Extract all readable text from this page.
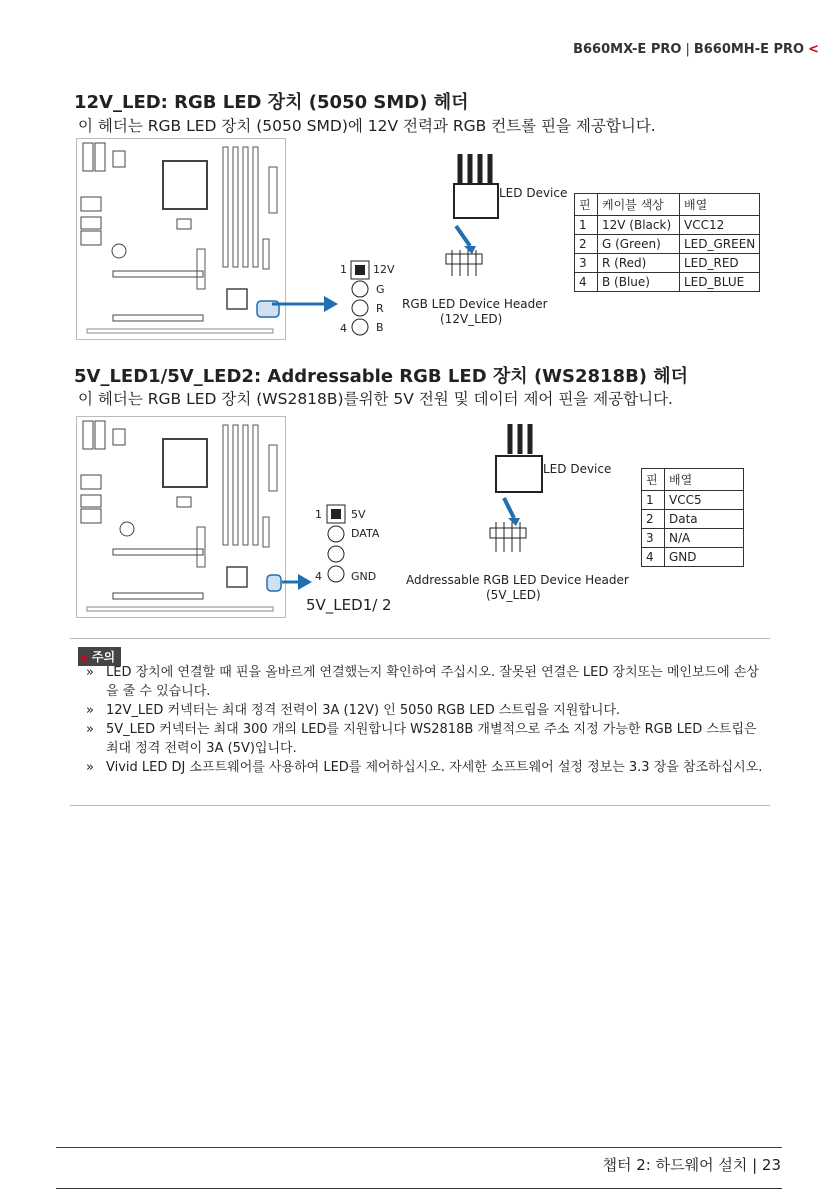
B660MX-E PRO | B660MH-E PRO <
12V_LED: RGB LED 장치 (5050 SMD) 헤더
이 헤더는 RGB LED 장치 (5050 SMD)에 12V 전력과 RGB 컨트롤 핀을 제공합니다.
1
4
12V
G
R
B
LED Device
RGB LED Device Header
(12V_LED)
핀	케이블 색상	배열
1	12V (Black)	VCC12
2	G (Green)	LED_GREEN
3	R (Red)	LED_RED
4	B (Blue)	LED_BLUE
5V_LED1/5V_LED2: Addressable RGB LED 장치 (WS2818B) 헤더
이 헤더는 RGB LED 장치 (WS2818B)를위한 5V 전원 및 데이터 제어 핀을 제공합니다.
1
4
5V
DATA
GND
5V_LED1/ 2
LED Device
Addressable RGB LED Device Header
(5V_LED)
핀	배열
1	VCC5
2	Data
3	N/A
4	GND
▶ 주의
» LED 장치에 연결할 때 핀을 올바르게 연결했는지 확인하여 주십시오. 잘못된 연결은 LED 장치또는 메인보드에 손상을 줄 수 있습니다.
» 12V_LED 커넥터는 최대 정격 전력이 3A (12V) 인 5050 RGB LED 스트립을 지원합니다.
» 5V_LED 커넥터는 최대 300 개의 LED를 지원합니다 WS2818B 개별적으로 주소 지정 가능한 RGB LED 스트립은 최대 정격 전력이 3A (5V)입니다.
» Vivid LED DJ 소프트웨어를 사용하여 LED를 제어하십시오. 자세한 소프트웨어 설정 정보는 3.3 장을 참조하십시오.
챕터 2: 하드웨어 설치 | 23
